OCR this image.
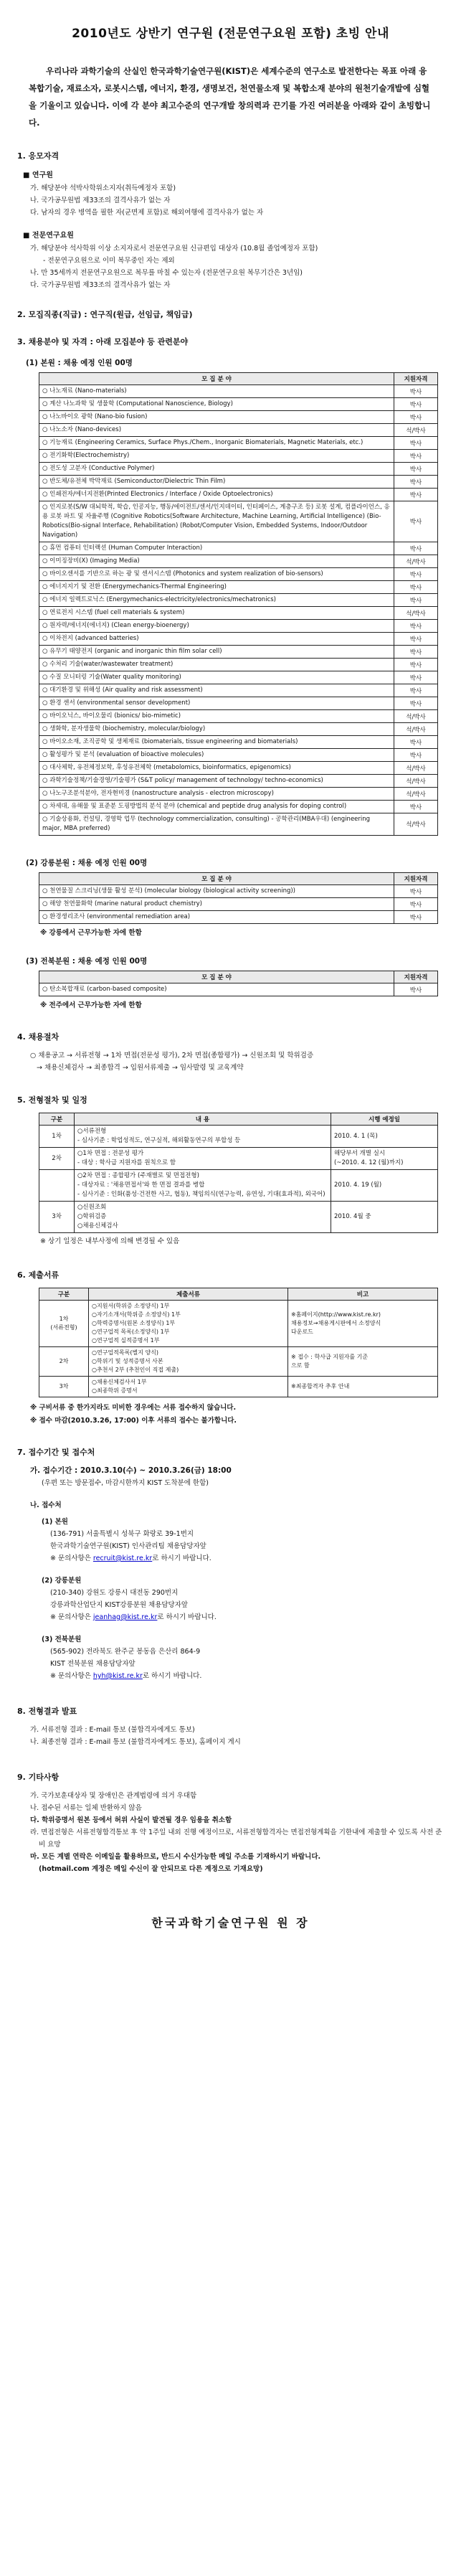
2010년도 상반기 연구원 (전문연구요원 포함) 초빙 안내
우리나라 과학기술의 산실인 한국과학기술연구원(KIST)은 세계수준의 연구소로 발전한다는 목표 아래 융복합기술, 재료소자, 로봇시스템, 에너지, 환경, 생명보건, 천연물소재 및 복합소재 분야의 원천기술개발에 심혈을 기울이고 있습니다. 이에 각 분야 최고수준의 연구개발 창의력과 끈기를 가진 여러분을 아래와 같이 초빙합니다.
1. 응모자격
■ 연구원
가. 해당분야 석박사학위소지자(취득예정자 포함)
나. 국가공무원법 제33조의 결격사유가 없는 자
다. 남자의 경우 병역을 필한 자(군면제 포함)로 해외여행에 결격사유가 없는 자
■ 전문연구요원
가. 해당분야 석사학위 이상 소지자로서 전문연구요원 신규편입 대상자 (10.8월 졸업예정자 포함)
- 전문연구요원으로 이미 복무중인 자는 제외
나. 만 35세까지 전문연구요원으로 복무를 마칠 수 있는자 (전문연구요원 복무기간은 3년임)
다. 국가공무원법 제33조의 결격사유가 없는 자
2. 모집직종(직급) : 연구직(원급, 선임급, 책임급)
3. 채용분야 및 자격 : 아래 모집분야 등 관련분야
(1) 본원 : 채용 예정 인원 00명
모 집 분 야	지원자격
○ 나노재료 (Nano-materials)	박사
○ 계산 나노과학 및 생물학 (Computational Nanoscience, Biology)	박사
○ 나노바이오 광학 (Nano-bio fusion)	박사
○ 나노소자 (Nano-devices)	석/박사
○ 기능재료 (Engineering Ceramics, Surface Phys./Chem., Inorganic Biomaterials, Magnetic Materials, etc.)	박사
○ 전기화학(Electrochemistry)	박사
○ 전도성 고분자 (Conductive Polymer)	박사
○ 반도체/유전체 박막재료 (Semiconductor/Dielectric Thin Film)	박사
○ 인쇄전자/에너지전환(Printed Electronics / Interface / Oxide Optoelectronics)	박사
○ 인지로봇(S/W 대뇌학적, 학습, 인공지능, 행동/에이전트/센서/인지데이터, 인터페이스, 계층구조 등) 로봇 설계, 컴플라이언스, 응용 로봇 파트 및 자율주행 (Cognitive Robotics(Software Architecture, Machine Learning, Artificial Intelligence) (Bio-Robotics(Bio-signal Interface, Rehabilitation) (Robot/Computer Vision, Embedded Systems, Indoor/Outdoor Navigation)	박사
○ 휴먼 컴퓨터 인터랙션 (Human Computer Interaction)	박사
○ 이미징장비(X) (Imaging Media)	석/박사
○ 바이오센서를 기반으로 하는 광 및 센서시스템 (Photonics and system realization of bio-sensors)	박사
○ 에너지지기 및 전환 (Energymechanics-Thermal Engineering)	박사
○ 에너지 일렉트로닉스 (Energymechanics-electricity/electronics/mechatronics)	박사
○ 연료전지 시스템 (fuel cell materials & system)	석/박사
○ 원자력/에너지(에너지) (Clean energy-bioenergy)	박사
○ 이차전지 (advanced batteries)	박사
○ 유무기 태양전지 (organic and inorganic thin film solar cell)	박사
○ 수처리 기술(water/wastewater treatment)	박사
○ 수질 모니터링 기술(Water quality monitoring)	박사
○ 대기환경 및 위해성 (Air quality and risk assessment)	박사
○ 환경 센서 (environmental sensor development)	박사
○ 바이오닉스, 바이오물리 (bionics/ bio-mimetic)	석/박사
○ 생화학, 분자생물학 (biochemistry, molecular/biology)	석/박사
○ 바이오소재, 조직공학 및 생체재료 (biomaterials, tissue engineering and biomaterials)	박사
○ 활성평가 및 분석 (evaluation of bioactive molecules)	박사
○ 대사체학, 유전체정보학, 후성유전체학 (metabolomics, bioinformatics, epigenomics)	석/박사
○ 과학기술정책/기술경영/기술평가 (S&T policy/ management of technology/ techno-economics)	석/박사
○ 나노구조분석분야, 전자현미경 (nanostructure analysis - electron microscopy)	석/박사
○ 차세대, 유해물 및 표준분 도핑방법의 분석 분야 (chemical and peptide drug analysis for doping control)	박사
○ 기술상용화, 컨설팅, 경영학 업무 (technology commercialization, consulting) - 공학관리(MBA우대) (engineering major, MBA preferred)	석/박사
(2) 강릉분원 : 채용 예정 인원 00명
모 집 분 야	지원자격
○ 천연물질 스크리닝(생물 활성 분석) (molecular biology (biological activity screening))	박사
○ 해양 천연물화학 (marine natural product chemistry)	박사
○ 환경생리조사 (environmental remediation area)	박사
※ 강릉에서 근무가능한 자에 한함
(3) 전북분원 : 채용 예정 인원 00명
모 집 분 야	지원자격
○ 탄소복합재료 (carbon-based composite)	박사
※ 전주에서 근무가능한 자에 한함
4. 채용절차
○ 채용공고 → 서류전형 → 1차 면접(전문성 평가), 2차 면접(종합평가) → 신원조회 및 학위검증
→ 채용신체검사 → 최종합격 → 입원서류제출 → 임사발령 및 교육계약
5. 전형절차 및 일정
구분	내 용	시행 예정일
1차	○서류전형
- 심사기준 : 학업성적도, 연구실적, 해외활동연구의 부합성 등	2010. 4. 1 (목)
2차	○1차 면접 : 전문성 평가
- 대상 : 학사급 지원자를 원칙으로 함	해당부서 개별 실시
(~2010. 4. 12 (월)까지)
	○2차 면접 : 종합평가 (주재별로 및 면접전형)
- 대상자료 : '채용면접서'와 한 면접 결과를 병합
- 심사기준 : 인화(품성·건전한 사고, 협동), 책임의식(연구능력, 유연성, 기대(효과적), 외국어)	2010. 4. 19 (월)
3차	○신원조회
○학위검증
○채용신체검사	2010. 4월 중
※ 상기 일정은 내부사정에 의해 변경될 수 있음
6. 제출서류
구분	제출서류	비고
1차
(서류전형)	○지원서(학위증 소정양식) 1부
○자기소개서(학위증 소정양식) 1부
○학력증명서(원본 소정양식) 1부
○연구업적 목록(소정양식) 1부
○연구업적 실적증명서 1부	※홈페이지(http://www.kist.re.kr)
채용정보→채용게시판에서 소정양식
다운로드
2차	○연구업적목록(별지 양식)
○학위기 및 성적증명서 사본
○추천서 2부 (추천인이 직접 제출)	※ 접수 : 학사급 지원자를 기준
으로 함
3차	○채용신체검사서 1부
○최종학위 증명서	※최종합격자 추후 안내
※ 구비서류 중 한가지라도 미비한 경우에는 서류 접수하지 않습니다.
※ 접수 마감(2010.3.26, 17:00) 이후 서류의 접수는 불가합니다.
7. 접수기간 및 접수처
가. 접수기간 : 2010.3.10(수) ~ 2010.3.26(금) 18:00
(우편 또는 방문접수, 마감시한까지 KIST 도착분에 한함)
나. 접수처
(1) 본원
(136-791) 서울특별시 성북구 화랑로 39-1번지
한국과학기술연구원(KIST) 인사관리팀 채용담당자앞
※ 문의사항은 recruit@kist.re.kr로 하시기 바랍니다.
(2) 강릉분원
(210-340) 강원도 강릉시 대전동 290번지
강릉과학산업단지 KIST강릉분원 채용담당자앞
※ 문의사항은 jeanhag@kist.re.kr로 하시기 바랍니다.
(3) 전북분원
(565-902) 전라북도 완주군 봉동읍 은산리 864-9
KIST 전북분원 채용담당자앞
※ 문의사항은 hyh@kist.re.kr로 하시기 바랍니다.
8. 전형결과 발표
가. 서류전형 결과 : E-mail 통보 (불합격자에게도 통보)
나. 최종전형 결과 : E-mail 통보 (불합격자에게도 통보), 홈페이지 게시
9. 기타사항
가. 국가보훈대상자 및 장애인은 관계법령에 의거 우대함
나. 접수된 서류는 일체 반환하지 않음
다. 학위증명서 원본 등에서 허위 사실이 발견될 경우 임용을 취소함
라. 면접전형은 서류전형합격통보 후 약 1주일 내외 진행 예정이므로, 서류전형합격자는 면접전형계획을 기한내에 제출할 수 있도록 사전 준비 요망
마. 모든 계별 연락은 이메일을 활용하므로, 반드시 수신가능한 메일 주소를 기재하시기 바랍니다.
(hotmail.com 계정은 메일 수신이 잘 안되므로 다른 계정으로 기재요망)
한국과학기술연구원 원 장
